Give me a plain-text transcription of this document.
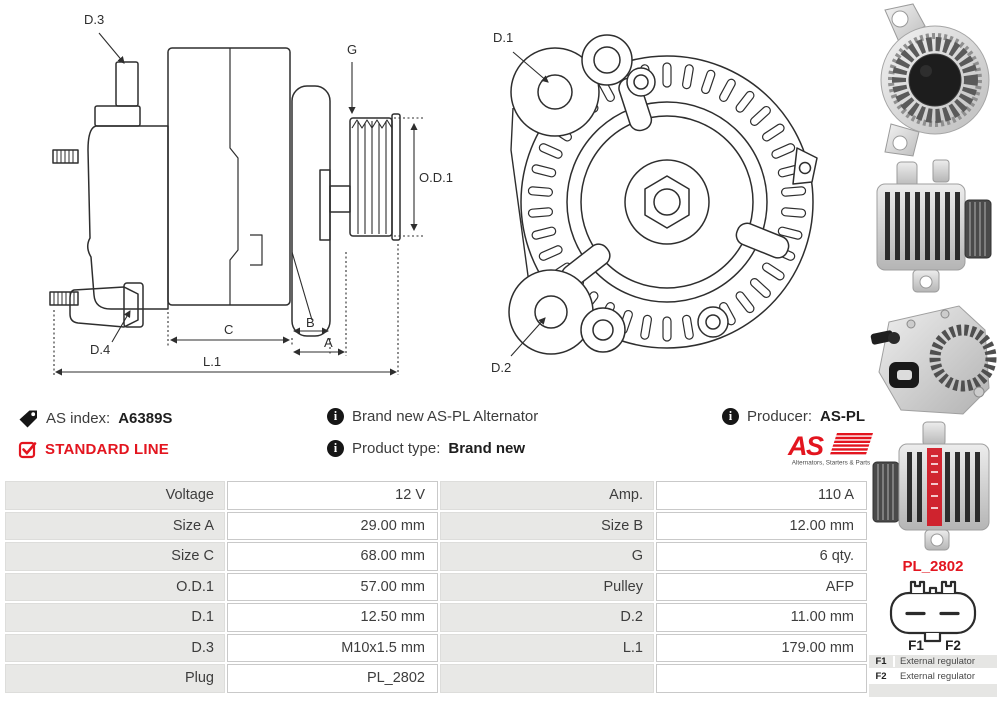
D.3
G
O.D.1
D.4
C	B
A
L.1
D.1
D.2
AS index: A6389S	i Brand new AS-PL Alternator	i Producer: AS-PL
STANDARD LINE	i Product type: Brand new	AS
Alternators, Starters & Parts
Voltage	12 V	Amp.	110 A
Size A	29.00 mm	Size B	12.00 mm
Size C	68.00 mm	G	6 qty.
O.D.1	57.00 mm	Pulley	AFP
D.1	12.50 mm	D.2	11.00 mm
D.3	M10x1.5 mm	L.1	179.00 mm
Plug	PL_2802
PL_2802
F1 F2
F1	External regulator
F2	External regulator
